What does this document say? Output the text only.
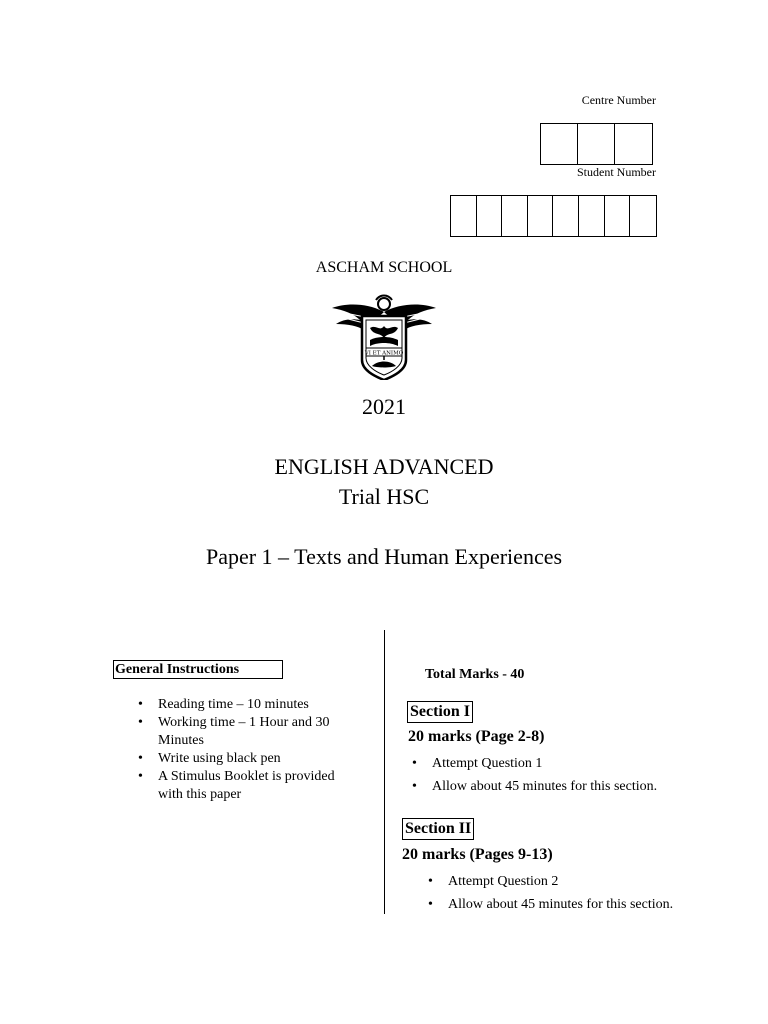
Centre Number
Student Number
ASCHAM SCHOOL
VI ET ANIMO
2021
ENGLISH ADVANCED
Trial HSC
Paper 1 – Texts and Human Experiences
General Instructions
• Reading time – 10 minutes
• Working time – 1 Hour and 30 Minutes
• Write using black pen
• A Stimulus Booklet is provided with this paper
Total Marks - 40
Section I
20 marks (Page 2-8)
• Attempt Question 1
• Allow about 45 minutes for this section.
Section II
20 marks (Pages 9-13)
• Attempt Question 2
• Allow about 45 minutes for this section.
